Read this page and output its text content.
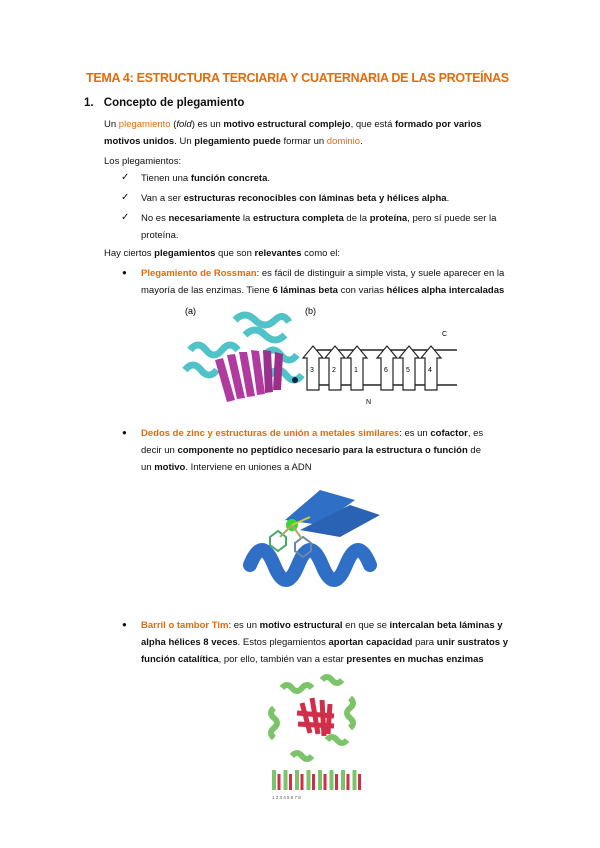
TEMA 4: ESTRUCTURA TERCIARIA Y CUATERNARIA DE LAS PROTEÍNAS
1. Concepto de plegamiento
Un plegamiento (fold) es un motivo estructural complejo, que está formado por varios
motivos unidos. Un plegamiento puede formar un dominio.
Los plegamientos:
✓ Tienen una función concreta.
✓ Van a ser estructuras reconocibles con láminas beta y hélices alpha.
✓ No es necesariamente la estructura completa de la proteína, pero sí puede ser la
proteína.
Hay ciertos plegamientos que son relevantes como el:
● Plegamiento de Rossman: es fácil de distinguir a simple vista, y suele aparecer en la
mayoría de las enzimas. Tiene 6 láminas beta con varias hélices alpha intercaladas
(a)	(b)
3	2	1	6	5	4
C
N
● Dedos de zinc y estructuras de unión a metales similares: es un cofactor, es
decir un componente no peptídico necesario para la estructura o función de
un motivo. Interviene en uniones a ADN
● Barril o tambor Tim: es un motivo estructural en que se intercalan beta láminas y
alpha hélices 8 veces. Estos plegamientos aportan capacidad para unir sustratos y
función catalítica, por ello, también van a estar presentes en muchas enzimas
1 2 3 4 5 6 7 8
